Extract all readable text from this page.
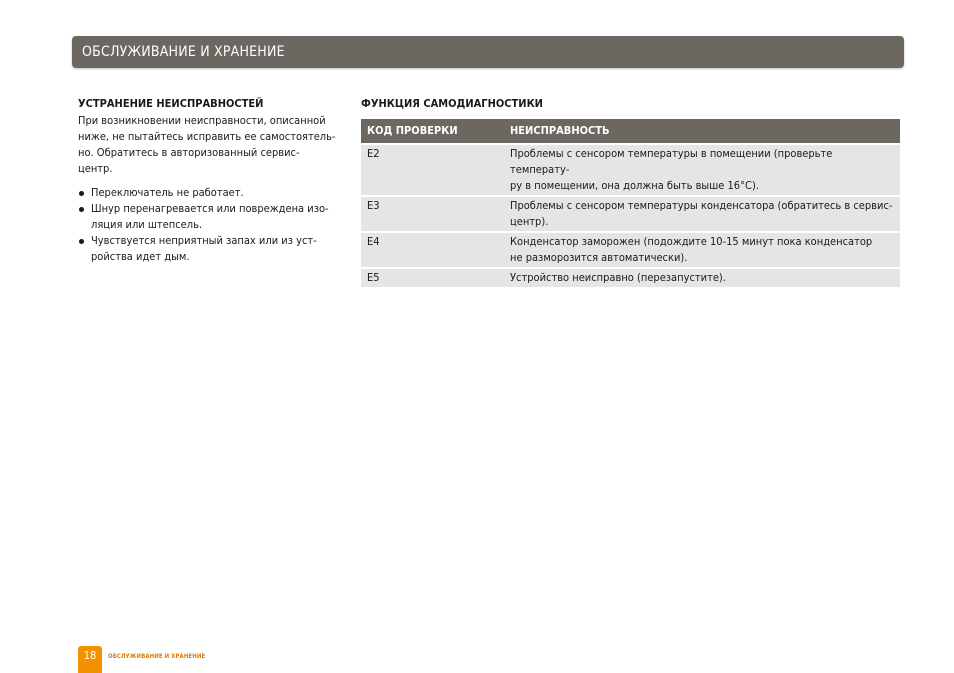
ОБСЛУЖИВАНИЕ И ХРАНЕНИЕ
УСТРАНЕНИЕ НЕИСПРАВНОСТЕЙ

При возникновении неисправности, описанной
ниже, не пытайтесь исправить ее самостоятель-
но. Обратитесь в авторизованный сервис-
центр.

Переключатель не работает.
Шнур перенагревается или повреждена изо-
ляция или штепсель.
Чувствуется неприятный запах или из уст-
ройства идет дым.
ФУНКЦИЯ САМОДИАГНОСТИКИ
КОД ПРОВЕРКИ	НЕИСПРАВНОСТЬ
E2	Проблемы с сенсором температуры в помещении (проверьте температу-
ру в помещении, она должна быть выше 16°C).
E3	Проблемы с сенсором температуры конденсатора (обратитесь в сервис-
центр).
E4	Конденсатор заморожен (подождите 10-15 минут пока конденсатор
не разморозится автоматически).
E5	Устройство неисправно (перезапустите).
18	ОБСЛУЖИВАНИЕ И ХРАНЕНИЕ
